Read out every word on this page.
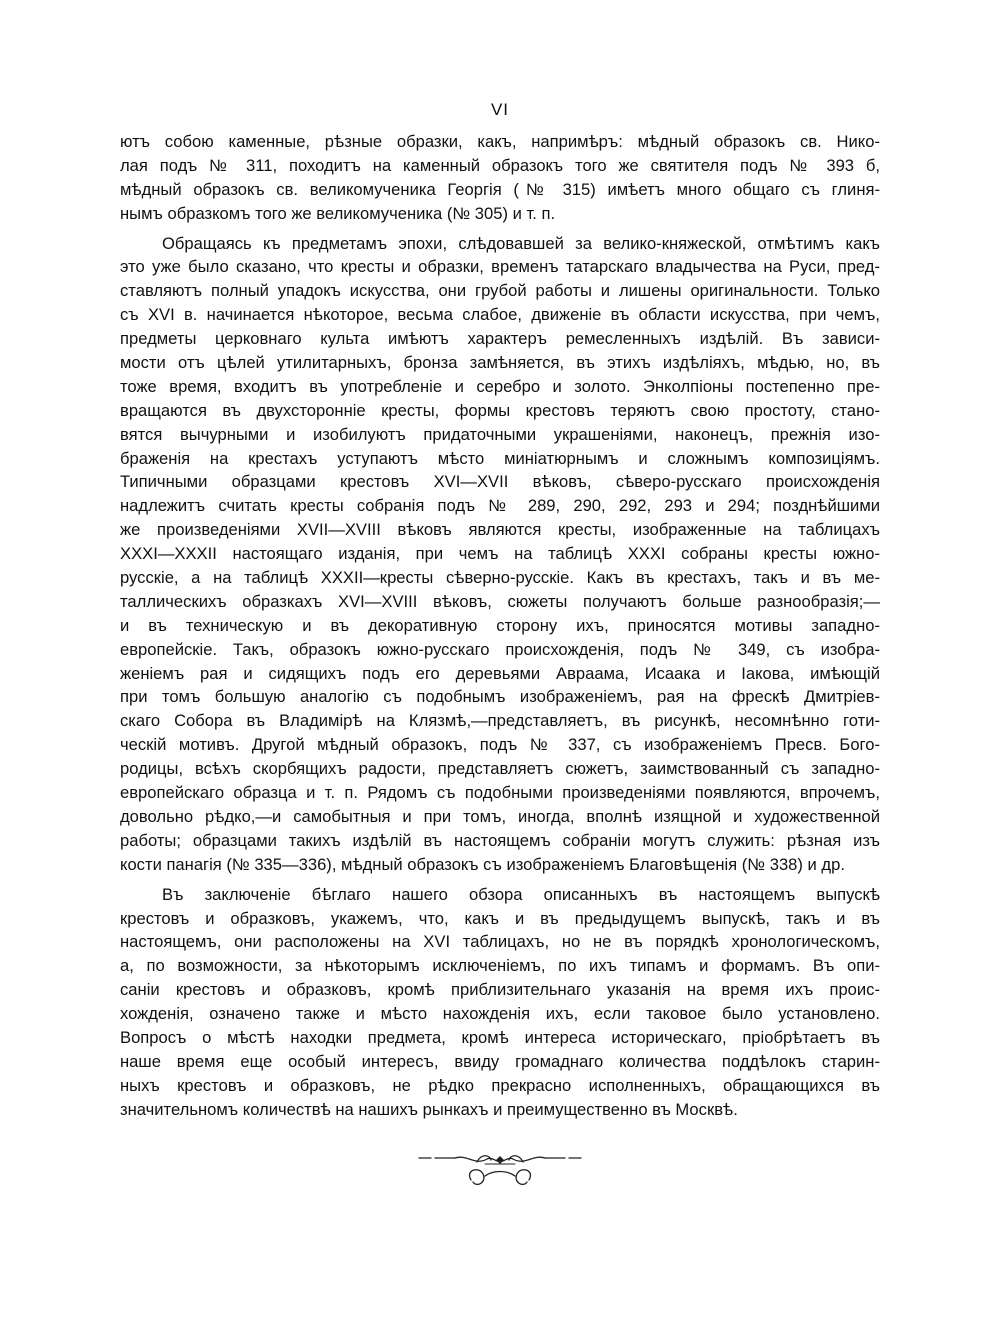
VI
ютъ собою каменные, рѣзные образки, какъ, напримѣръ: мѣдный образокъ св. Нико-
лая подъ № 311, походитъ на каменный образокъ того же святителя подъ № 393 б,
мѣдный образокъ св. великомученика Георгія (№ 315) имѣетъ много общаго съ глиня-
нымъ образкомъ того же великомученика (№ 305) и т. п.
Обращаясь къ предметамъ эпохи, слѣдовавшей за велико-княжеской, отмѣтимъ какъ
это уже было сказано, что кресты и образки, временъ татарскаго владычества на Руси, пред-
ставляютъ полный упадокъ искусства, они грубой работы и лишены оригинальности. Только
съ XVI в. начинается нѣкоторое, весьма слабое, движеніе въ области искусства, при чемъ,
предметы церковнаго культа имѣютъ характеръ ремесленныхъ издѣлій. Въ зависи-
мости отъ цѣлей утилитарныхъ, бронза замѣняется, въ этихъ издѣліяхъ, мѣдью, но, въ
тоже время, входитъ въ употребленіе и серебро и золото. Энколпіоны постепенно пре-
вращаются въ двухсторонніе кресты, формы крестовъ теряютъ свою простоту, стано-
вятся вычурными и изобилуютъ придаточными украшеніями, наконецъ, прежнія изо-
браженія на крестахъ уступаютъ мѣсто миніатюрнымъ и сложнымъ композиціямъ.
Типичными образцами крестовъ XVI—XVII вѣковъ, сѣверо-русскаго происхожденія
надлежитъ считать кресты собранія подъ № 289, 290, 292, 293 и 294; позднѣйшими
же произведеніями XVII—XVIII вѣковъ являются кресты, изображенные на таблицахъ
XXXI—XXXII настоящаго изданія, при чемъ на таблицѣ XXXI собраны кресты южно-
русскіе, а на таблицѣ XXXII—кресты сѣверно-русскіе. Какъ въ крестахъ, такъ и въ ме-
таллическихъ образкахъ XVI—XVIII вѣковъ, сюжеты получаютъ больше разнообразія;—
и въ техническую и въ декоративную сторону ихъ, приносятся мотивы западно-
европейскіе. Такъ, образокъ южно-русскаго происхожденія, подъ № 349, съ изобра-
женіемъ рая и сидящихъ подъ его деревьями Авраама, Исаака и Іакова, имѣющій
при томъ большую аналогію съ подобнымъ изображеніемъ, рая на фрескѣ Дмитріев-
скаго Собора въ Владимірѣ на Клязмѣ,—представляетъ, въ рисункѣ, несомнѣнно готи-
ческій мотивъ. Другой мѣдный образокъ, подъ № 337, съ изображеніемъ Пресв. Бого-
родицы, всѣхъ скорбящихъ радости, представляетъ сюжетъ, заимствованный съ западно-
европейскаго образца и т. п. Рядомъ съ подобными произведеніями появляются, впрочемъ,
довольно рѣдко,—и самобытныя и при томъ, иногда, вполнѣ изящной и художественной
работы; образцами такихъ издѣлій въ настоящемъ собраніи могутъ служить: рѣзная изъ
кости панагія (№ 335—336), мѣдный образокъ съ изображеніемъ Благовѣщенія (№ 338) и др.
Въ заключеніе бѣглаго нашего обзора описанныхъ въ настоящемъ выпускѣ
крестовъ и образковъ, укажемъ, что, какъ и въ предыдущемъ выпускѣ, такъ и въ
настоящемъ, они расположены на XVI таблицахъ, но не въ порядкѣ хронологическомъ,
а, по возможности, за нѣкоторымъ исключеніемъ, по ихъ типамъ и формамъ. Въ опи-
саніи крестовъ и образковъ, кромѣ приблизительнаго указанія на время ихъ проис-
хожденія, означено также и мѣсто нахожденія ихъ, если таковое было установлено.
Вопросъ о мѣстѣ находки предмета, кромѣ интереса историческаго, пріобрѣтаетъ въ
наше время еще особый интересъ, ввиду громаднаго количества поддѣлокъ старин-
ныхъ крестовъ и образковъ, не рѣдко прекрасно исполненныхъ, обращающихся въ
значительномъ количествѣ на нашихъ рынкахъ и преимущественно въ Москвѣ.
